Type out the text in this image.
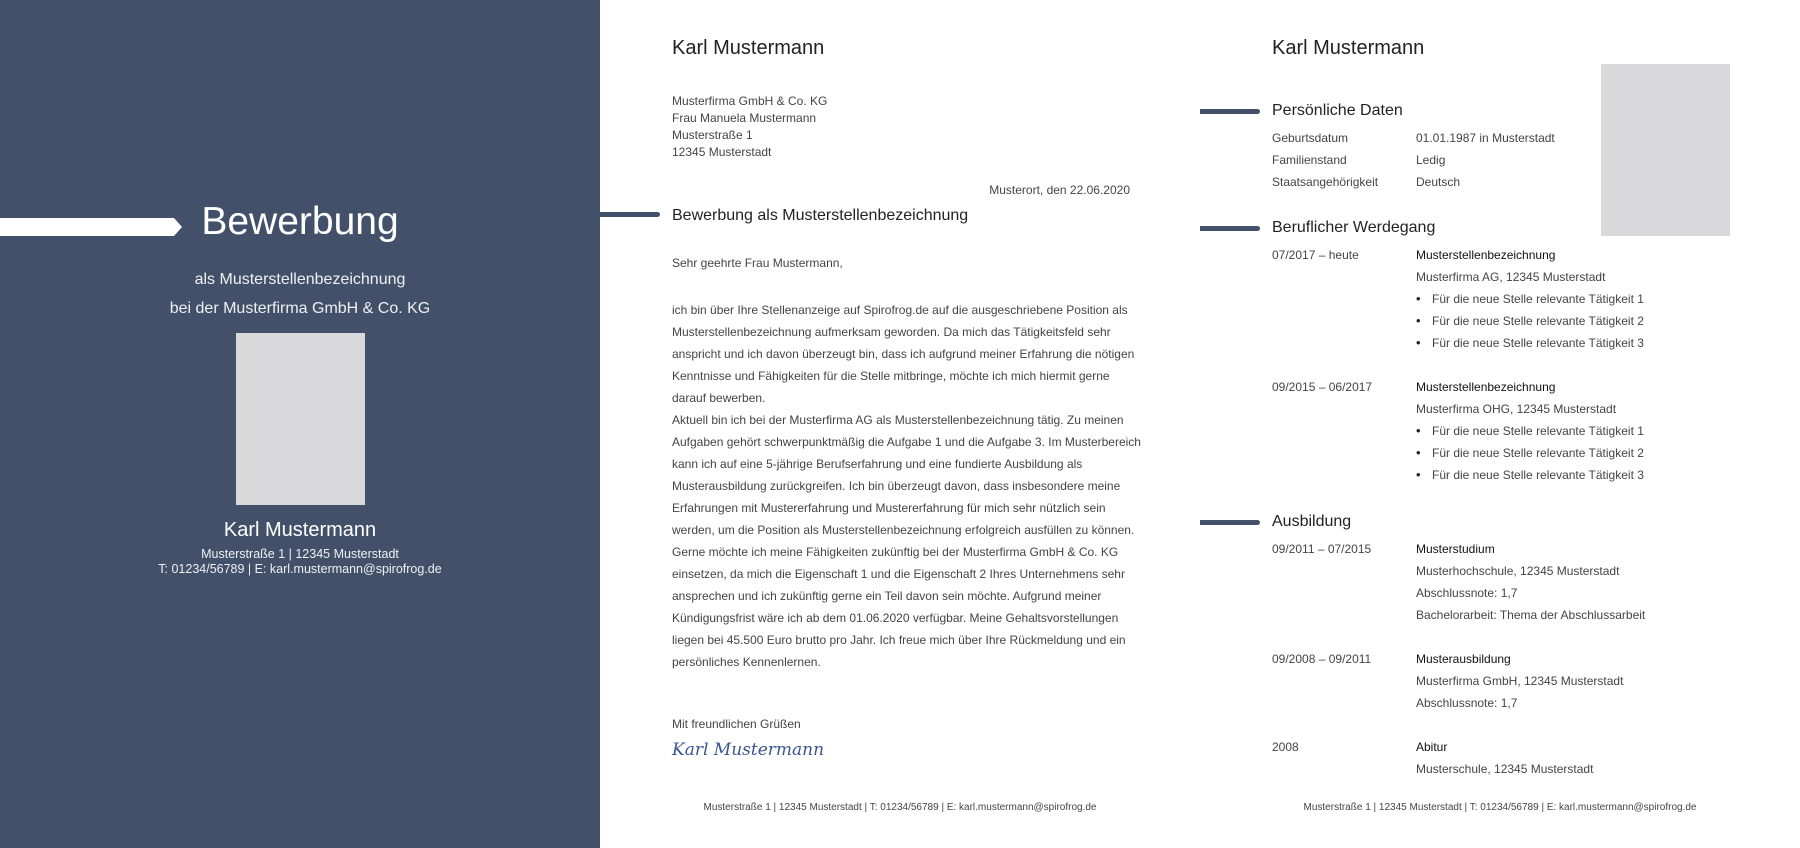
Bewerbung
als Musterstellenbezeichnung
bei der Musterfirma GmbH & Co. KG
Karl Mustermann
Musterstraße 1 | 12345 Musterstadt
T: 01234/56789 | E: karl.mustermann@spirofrog.de
Karl Mustermann
Musterfirma GmbH & Co. KG
Frau Manuela Mustermann
Musterstraße 1
12345 Musterstadt
Musterort, den 22.06.2020
Bewerbung als Musterstellenbezeichnung
Sehr geehrte Frau Mustermann,

ich bin über Ihre Stellenanzeige auf Spirofrog.de auf die ausgeschriebene Position als Musterstellenbezeichnung aufmerksam geworden. Da mich das Tätigkeitsfeld sehr anspricht und ich davon überzeugt bin, dass ich aufgrund meiner Erfahrung die nötigen Kenntnisse und Fähigkeiten für die Stelle mitbringe, möchte ich mich hiermit gerne darauf bewerben.

Aktuell bin ich bei der Musterfirma AG als Musterstellenbezeichnung tätig. Zu meinen Aufgaben gehört schwerpunktmäßig die Aufgabe 1 und die Aufgabe 3. Im Musterbereich kann ich auf eine 5-jährige Berufserfahrung und eine fundierte Ausbildung als Musterausbildung zurückgreifen. Ich bin überzeugt davon, dass insbesondere meine Erfahrungen mit Mustererfahrung und Mustererfahrung für mich sehr nützlich sein werden, um die Position als Musterstellenbezeichnung erfolgreich ausfüllen zu können.

Gerne möchte ich meine Fähigkeiten zukünftig bei der Musterfirma GmbH & Co. KG einsetzen, da mich die Eigenschaft 1 und die Eigenschaft 2 Ihres Unternehmens sehr ansprechen und ich zukünftig gerne ein Teil davon sein möchte. Aufgrund meiner Kündigungsfrist wäre ich ab dem 01.06.2020 verfügbar. Meine Gehaltsvorstellungen liegen bei 45.500 Euro brutto pro Jahr. Ich freue mich über Ihre Rückmeldung und ein persönliches Kennenlernen.

Mit freundlichen Grüßen
Karl Mustermann
Musterstraße 1 | 12345 Musterstadt | T: 01234/56789 | E: karl.mustermann@spirofrog.de
Karl Mustermann
Persönliche Daten
Geburtsdatum	01.01.1987 in Musterstadt
Familienstand	Ledig
Staatsangehörigkeit	Deutsch
Beruflicher Werdegang
07/2017 – heute	Musterstellenbezeichnung
Musterfirma AG, 12345 Musterstadt
• Für die neue Stelle relevante Tätigkeit 1
• Für die neue Stelle relevante Tätigkeit 2
• Für die neue Stelle relevante Tätigkeit 3
09/2015 – 06/2017	Musterstellenbezeichnung
Musterfirma OHG, 12345 Musterstadt
• Für die neue Stelle relevante Tätigkeit 1
• Für die neue Stelle relevante Tätigkeit 2
• Für die neue Stelle relevante Tätigkeit 3
Ausbildung
09/2011 – 07/2015	Musterstudium
Musterhochschule, 12345 Musterstadt
Abschlussnote: 1,7
Bachelorarbeit: Thema der Abschlussarbeit
09/2008 – 09/2011	Musterausbildung
Musterfirma GmbH, 12345 Musterstadt
Abschlussnote: 1,7
2008	Abitur
Musterschule, 12345 Musterstadt
Musterstraße 1 | 12345 Musterstadt | T: 01234/56789 | E: karl.mustermann@spirofrog.de
